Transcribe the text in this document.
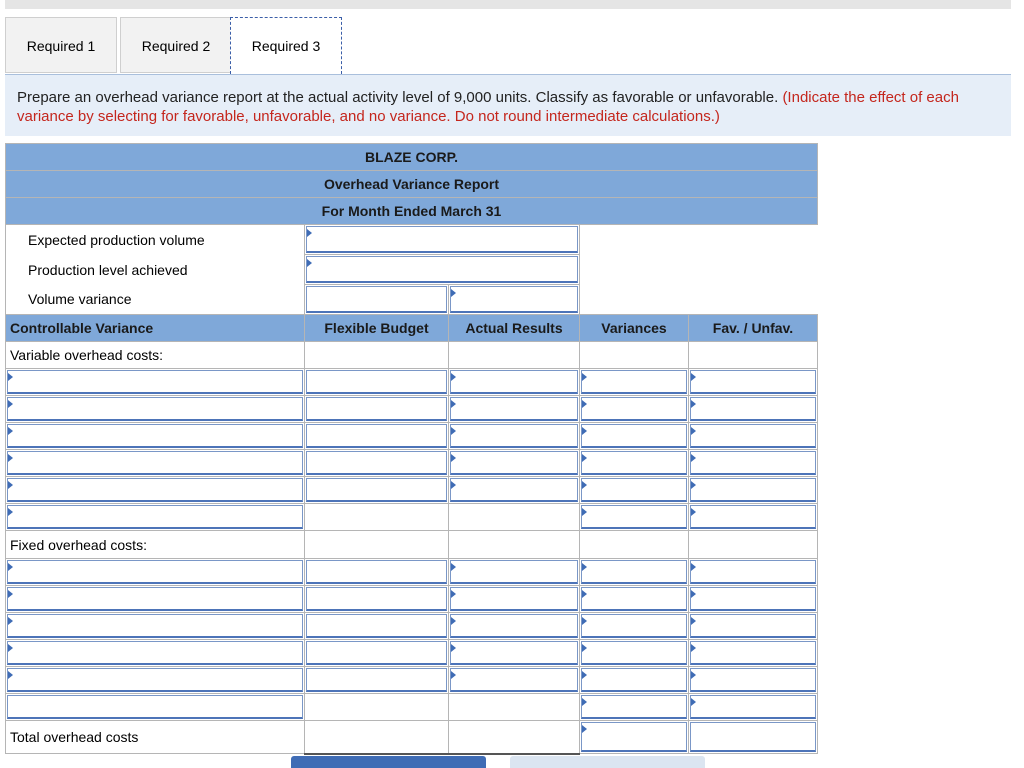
Required 1	Required 2	Required 3
Prepare an overhead variance report at the actual activity level of 9,000 units. Classify as favorable or unfavorable. (Indicate the effect of each variance by selecting for favorable, unfavorable, and no variance. Do not round intermediate calculations.)
BLAZE CORP.				
Overhead Variance Report				
For Month Ended March 31				
Expected production volume			

Production level achieved			

Volume variance		

Controllable Variance	Flexible Budget	Actual Results	Variances	Fav. / Unfav.
Variable overhead costs:				

Fixed overhead costs:				

Total overhead costs			
